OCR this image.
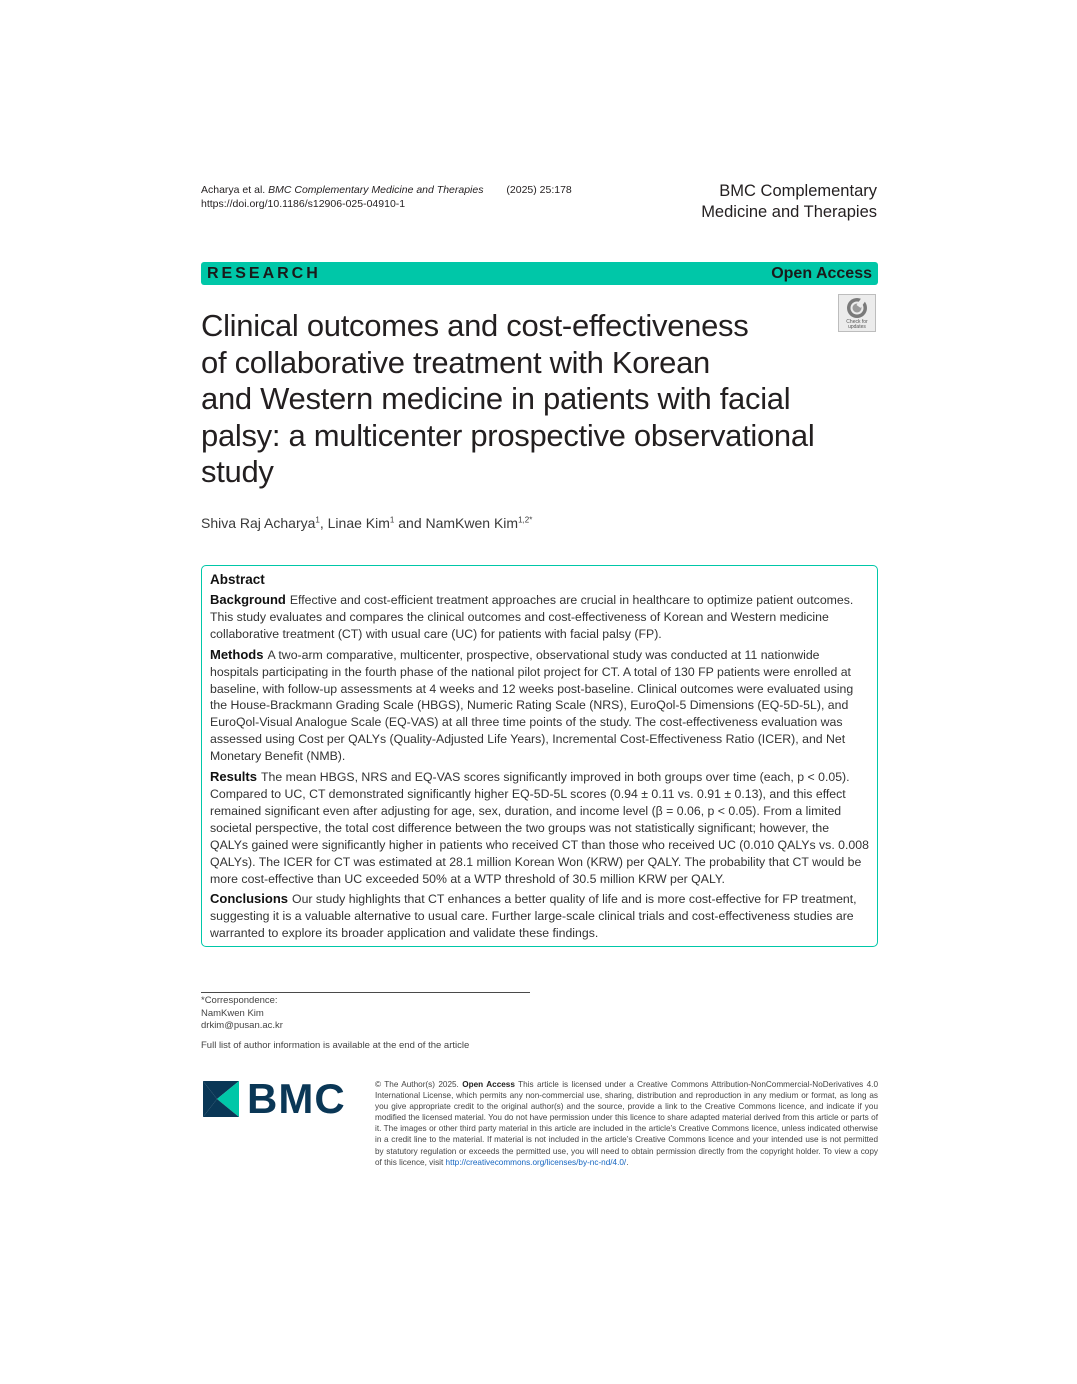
Acharya et al. BMC Complementary Medicine and Therapies (2025) 25:178
https://doi.org/10.1186/s12906-025-04910-1
BMC Complementary
Medicine and Therapies
RESEARCH	Open Access
Check for
updates
Clinical outcomes and cost-effectiveness
of collaborative treatment with Korean
and Western medicine in patients with facial
palsy: a multicenter prospective observational
study
Shiva Raj Acharya$^1$, Linae Kim$^1$ and NamKwen Kim$^{1,2*}$
Abstract

Background Effective and cost-efficient treatment approaches are crucial in healthcare to optimize patient outcomes. This study evaluates and compares the clinical outcomes and cost-effectiveness of Korean and Western medicine collaborative treatment (CT) with usual care (UC) for patients with facial palsy (FP).

Methods A two-arm comparative, multicenter, prospective, observational study was conducted at 11 nationwide hospitals participating in the fourth phase of the national pilot project for CT. A total of 130 FP patients were enrolled at baseline, with follow-up assessments at 4 weeks and 12 weeks post-baseline. Clinical outcomes were evaluated using the House-Brackmann Grading Scale (HBGS), Numeric Rating Scale (NRS), EuroQol-5 Dimensions (EQ-5D-5L), and EuroQol-Visual Analogue Scale (EQ-VAS) at all three time points of the study. The cost-effectiveness evaluation was assessed using Cost per QALYs (Quality-Adjusted Life Years), Incremental Cost-Effectiveness Ratio (ICER), and Net Monetary Benefit (NMB).

Results The mean HBGS, NRS and EQ-VAS scores significantly improved in both groups over time (each, p < 0.05). Compared to UC, CT demonstrated significantly higher EQ-5D-5L scores (0.94 ± 0.11 vs. 0.91 ± 0.13), and this effect remained significant even after adjusting for age, sex, duration, and income level (β = 0.06, p < 0.05). From a limited societal perspective, the total cost difference between the two groups was not statistically significant; however, the QALYs gained were significantly higher in patients who received CT than those who received UC (0.010 QALYs vs. 0.008 QALYs). The ICER for CT was estimated at 28.1 million Korean Won (KRW) per QALY. The probability that CT would be more cost-effective than UC exceeded 50% at a WTP threshold of 30.5 million KRW per QALY.

Conclusions Our study highlights that CT enhances a better quality of life and is more cost-effective for FP treatment, suggesting it is a valuable alternative to usual care. Further large-scale clinical trials and cost-effectiveness studies are warranted to explore its broader application and validate these findings.

*Correspondence:
NamKwen Kim
drkim@pusan.ac.kr
Full list of author information is available at the end of the article
BMC	© The Author(s) 2025. Open Access This article is licensed under a Creative Commons Attribution-NonCommercial-NoDerivatives 4.0 International License, which permits any non-commercial use, sharing, distribution and reproduction in any medium or format, as long as you give appropriate credit to the original author(s) and the source, provide a link to the Creative Commons licence, and indicate if you modified the licensed material. You do not have permission under this licence to share adapted material derived from this article or parts of it. The images or other third party material in this article are included in the article’s Creative Commons licence, unless indicated otherwise in a credit line to the material. If material is not included in the article’s Creative Commons licence and your intended use is not permitted by statutory regulation or exceeds the permitted use, you will need to obtain permission directly from the copyright holder. To view a copy of this licence, visit http://creativecommons.org/licenses/by-nc-nd/4.0/.
